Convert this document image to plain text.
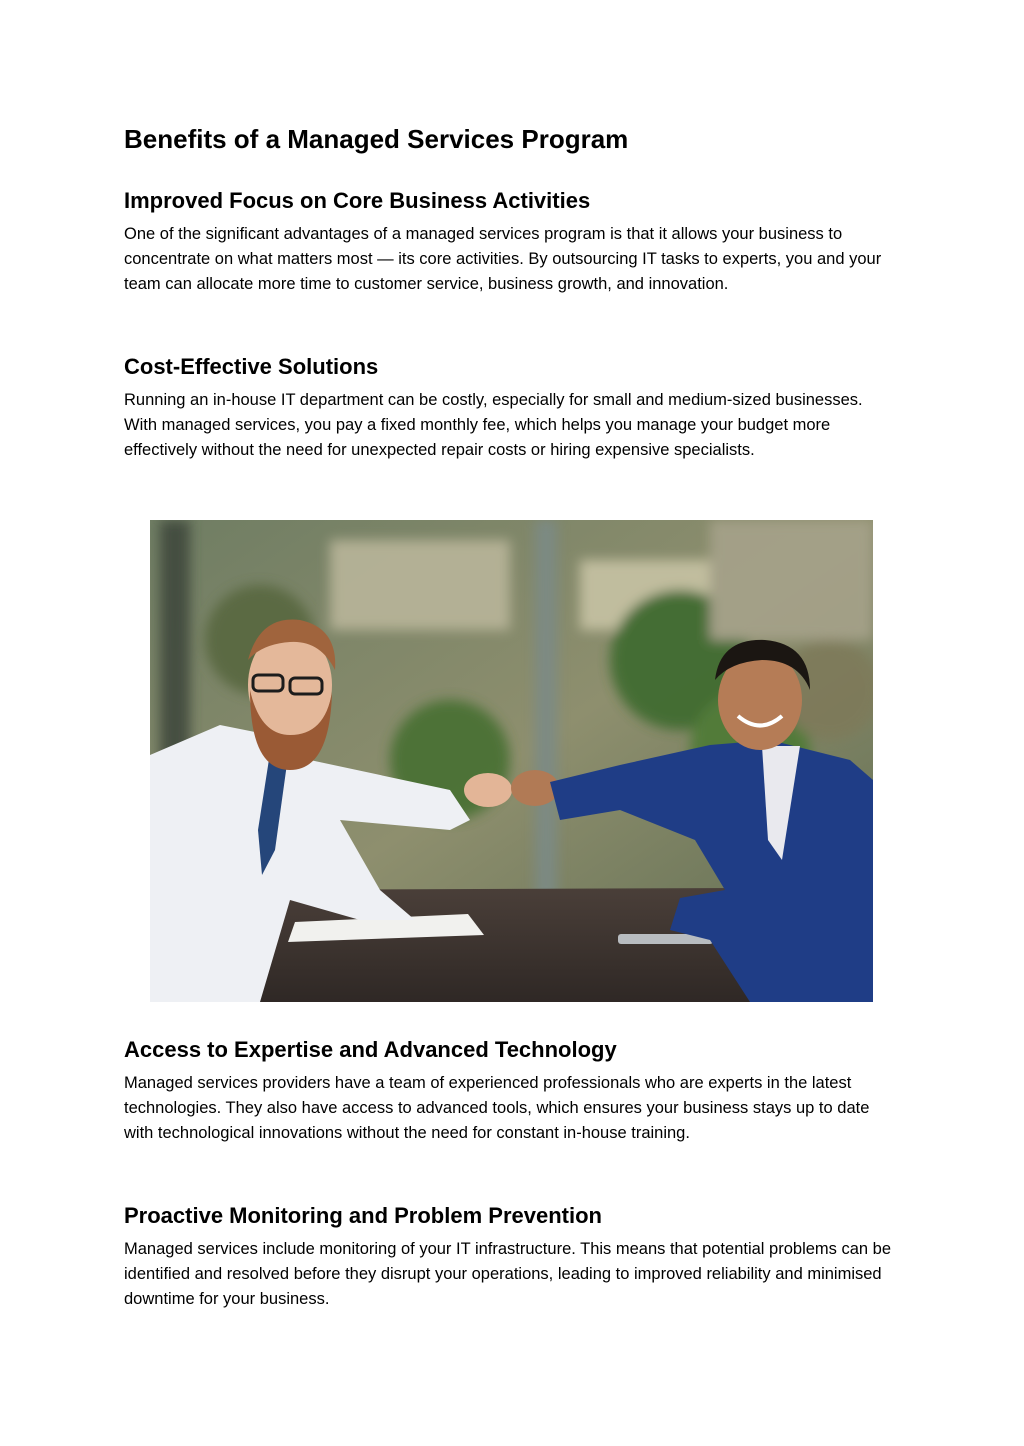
Benefits of a Managed Services Program
Improved Focus on Core Business Activities

One of the significant advantages of a managed services program is that it allows your business to concentrate on what matters most — its core activities. By outsourcing IT tasks to experts, you and your team can allocate more time to customer service, business growth, and innovation.

Cost-Effective Solutions

Running an in-house IT department can be costly, especially for small and medium-sized businesses. With managed services, you pay a fixed monthly fee, which helps you manage your budget more effectively without the need for unexpected repair costs or hiring expensive specialists.

Access to Expertise and Advanced Technology

Managed services providers have a team of experienced professionals who are experts in the latest technologies. They also have access to advanced tools, which ensures your business stays up to date with technological innovations without the need for constant in-house training.

Proactive Monitoring and Problem Prevention

Managed services include monitoring of your IT infrastructure. This means that potential problems can be identified and resolved before they disrupt your operations, leading to improved reliability and minimised downtime for your business.
